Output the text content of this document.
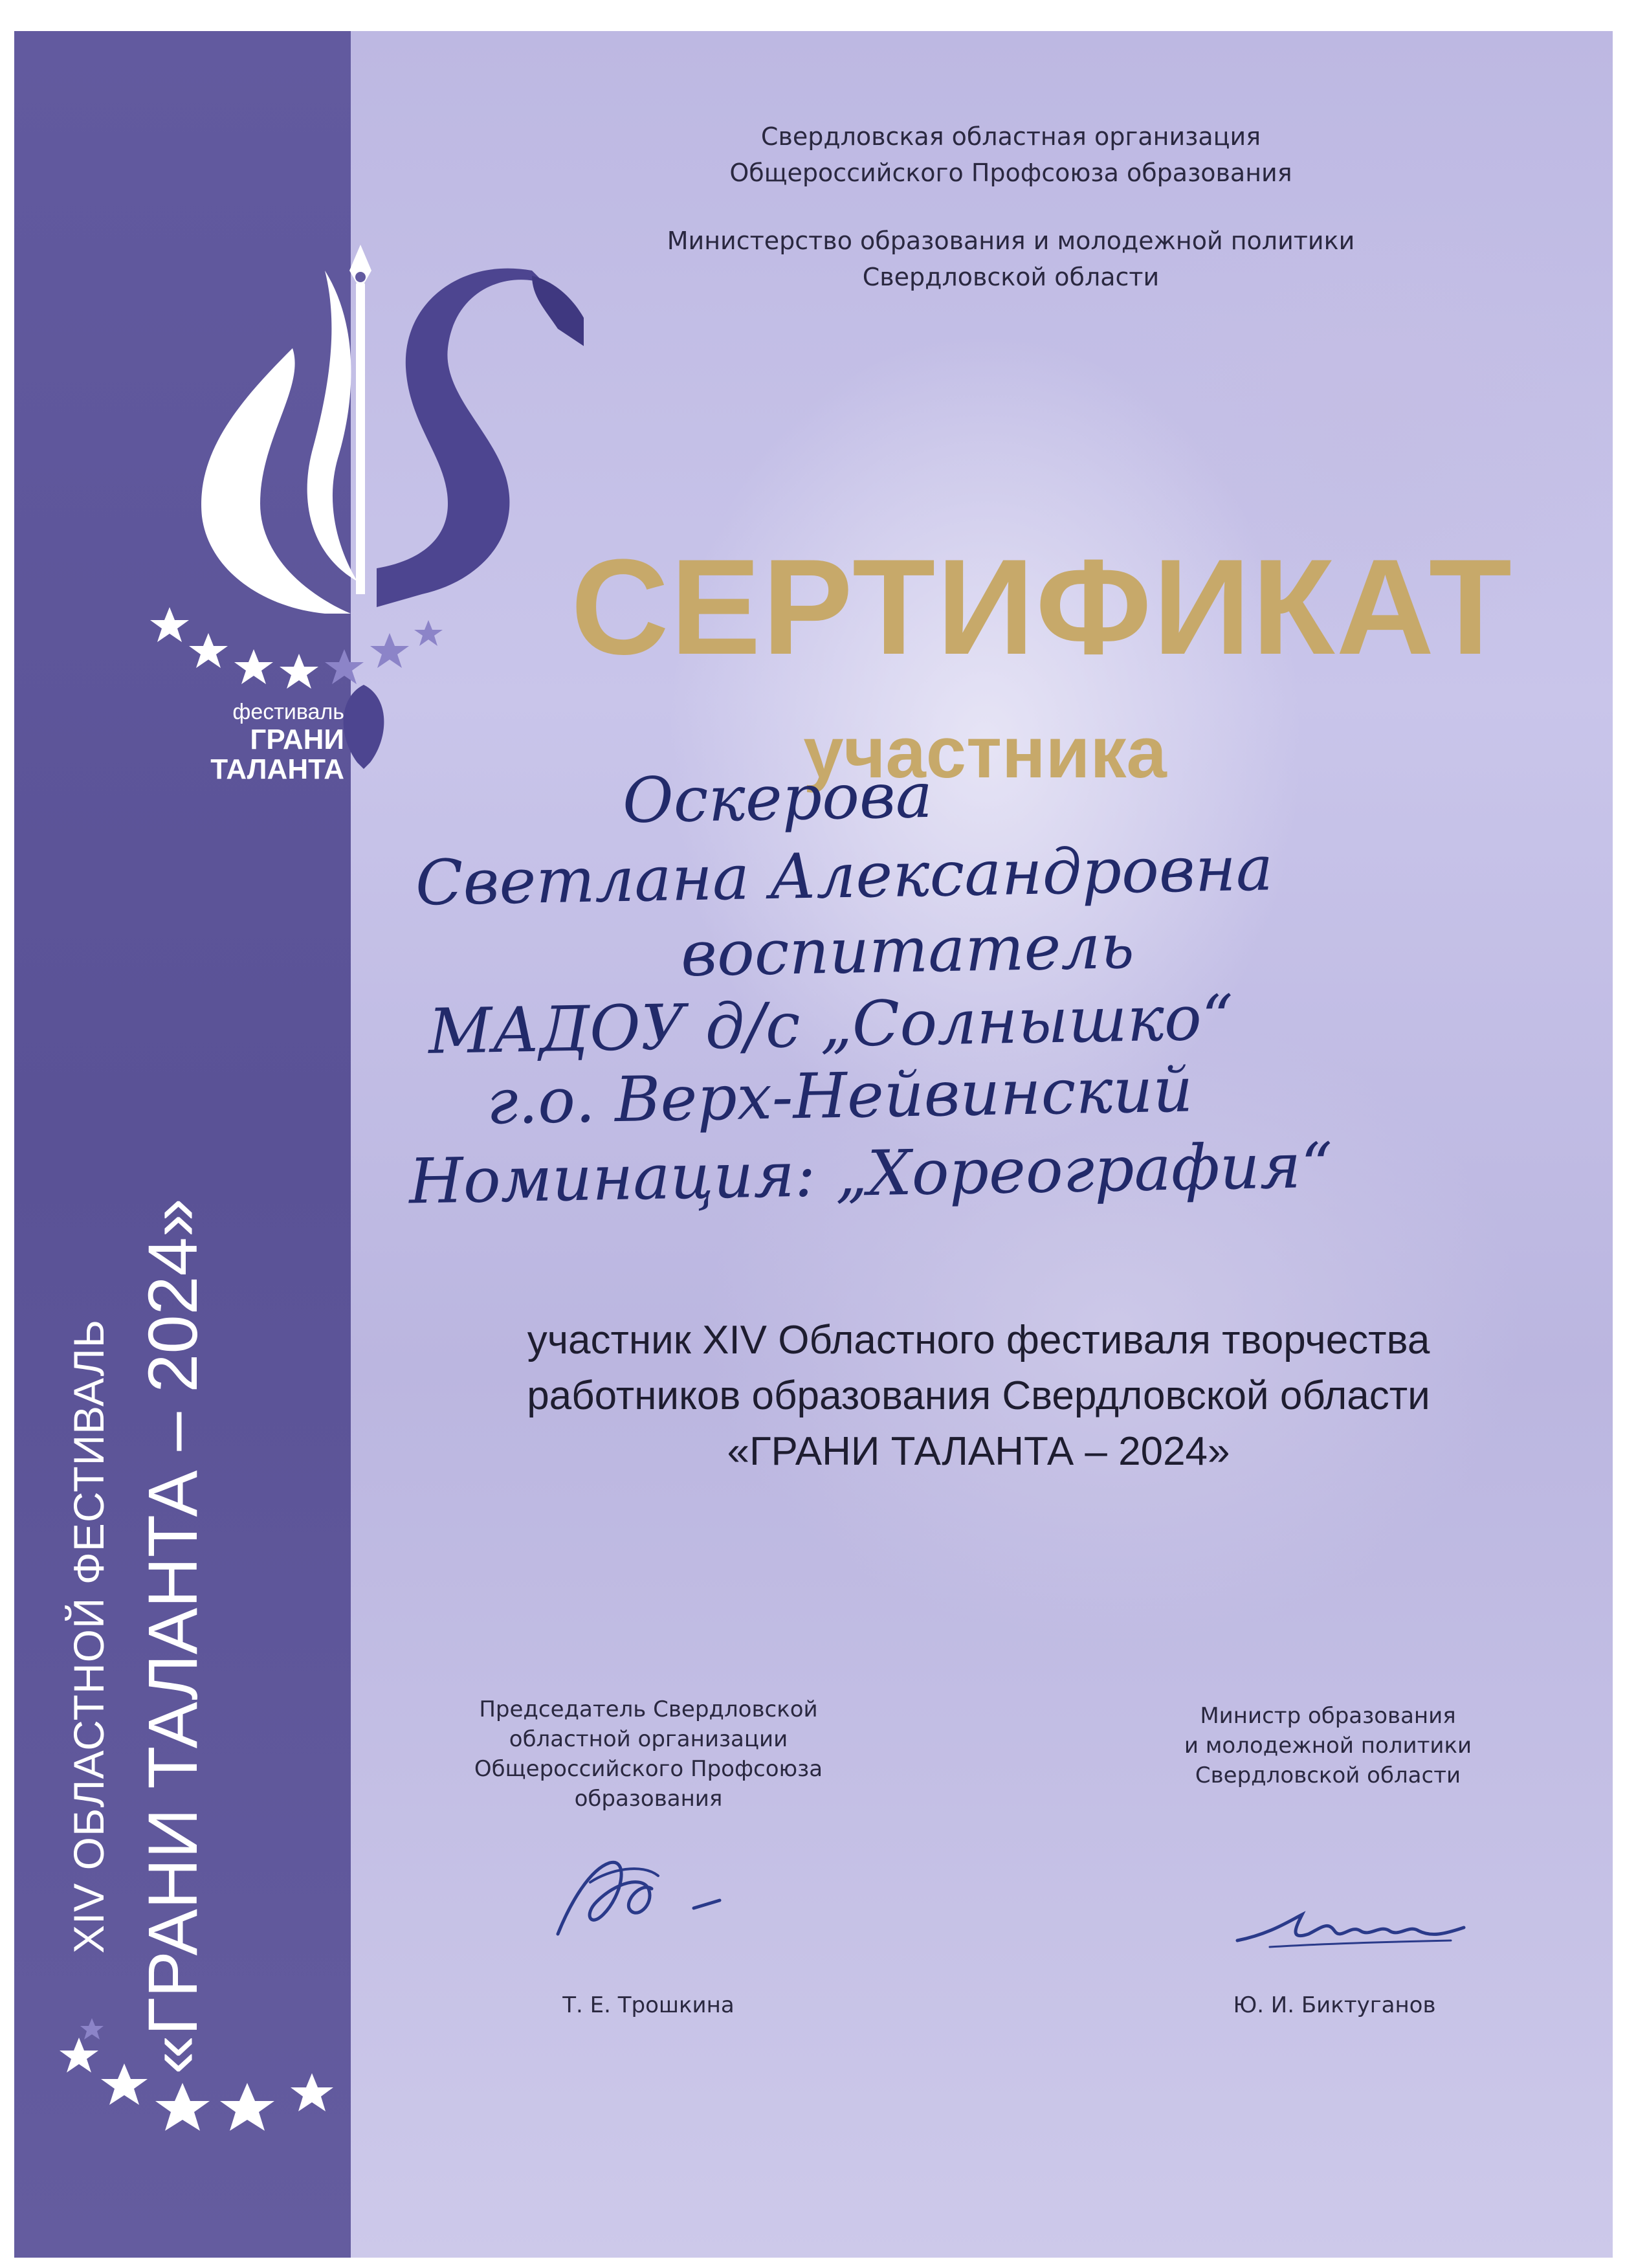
XIV ОБЛАСТНОЙ ФЕСТИВАЛЬ «ГРАНИ ТАЛАНТА – 2024»
фестиваль
ГРАНИ
ТАЛАНТА
Свердловская областная организация
Общероссийского Профсоюза образования
Министерство образования и молодежной политики
Свердловской области
СЕРТИФИКАТ
участника
Оскерова
Светлана Александровна
воспитатель
МАДОУ д/с „Солнышко“
г.о. Верх-Нейвинский
Номинация: „Хореография“
участник XIV Областного фестиваля творчества
работников образования Свердловской области
«ГРАНИ ТАЛАНТА – 2024»
Председатель Свердловской
областной организации
Общероссийского Профсоюза
образования
Т. Е. Трошкина
Министр образования
и молодежной политики
Свердловской области
Ю. И. Биктуганов
